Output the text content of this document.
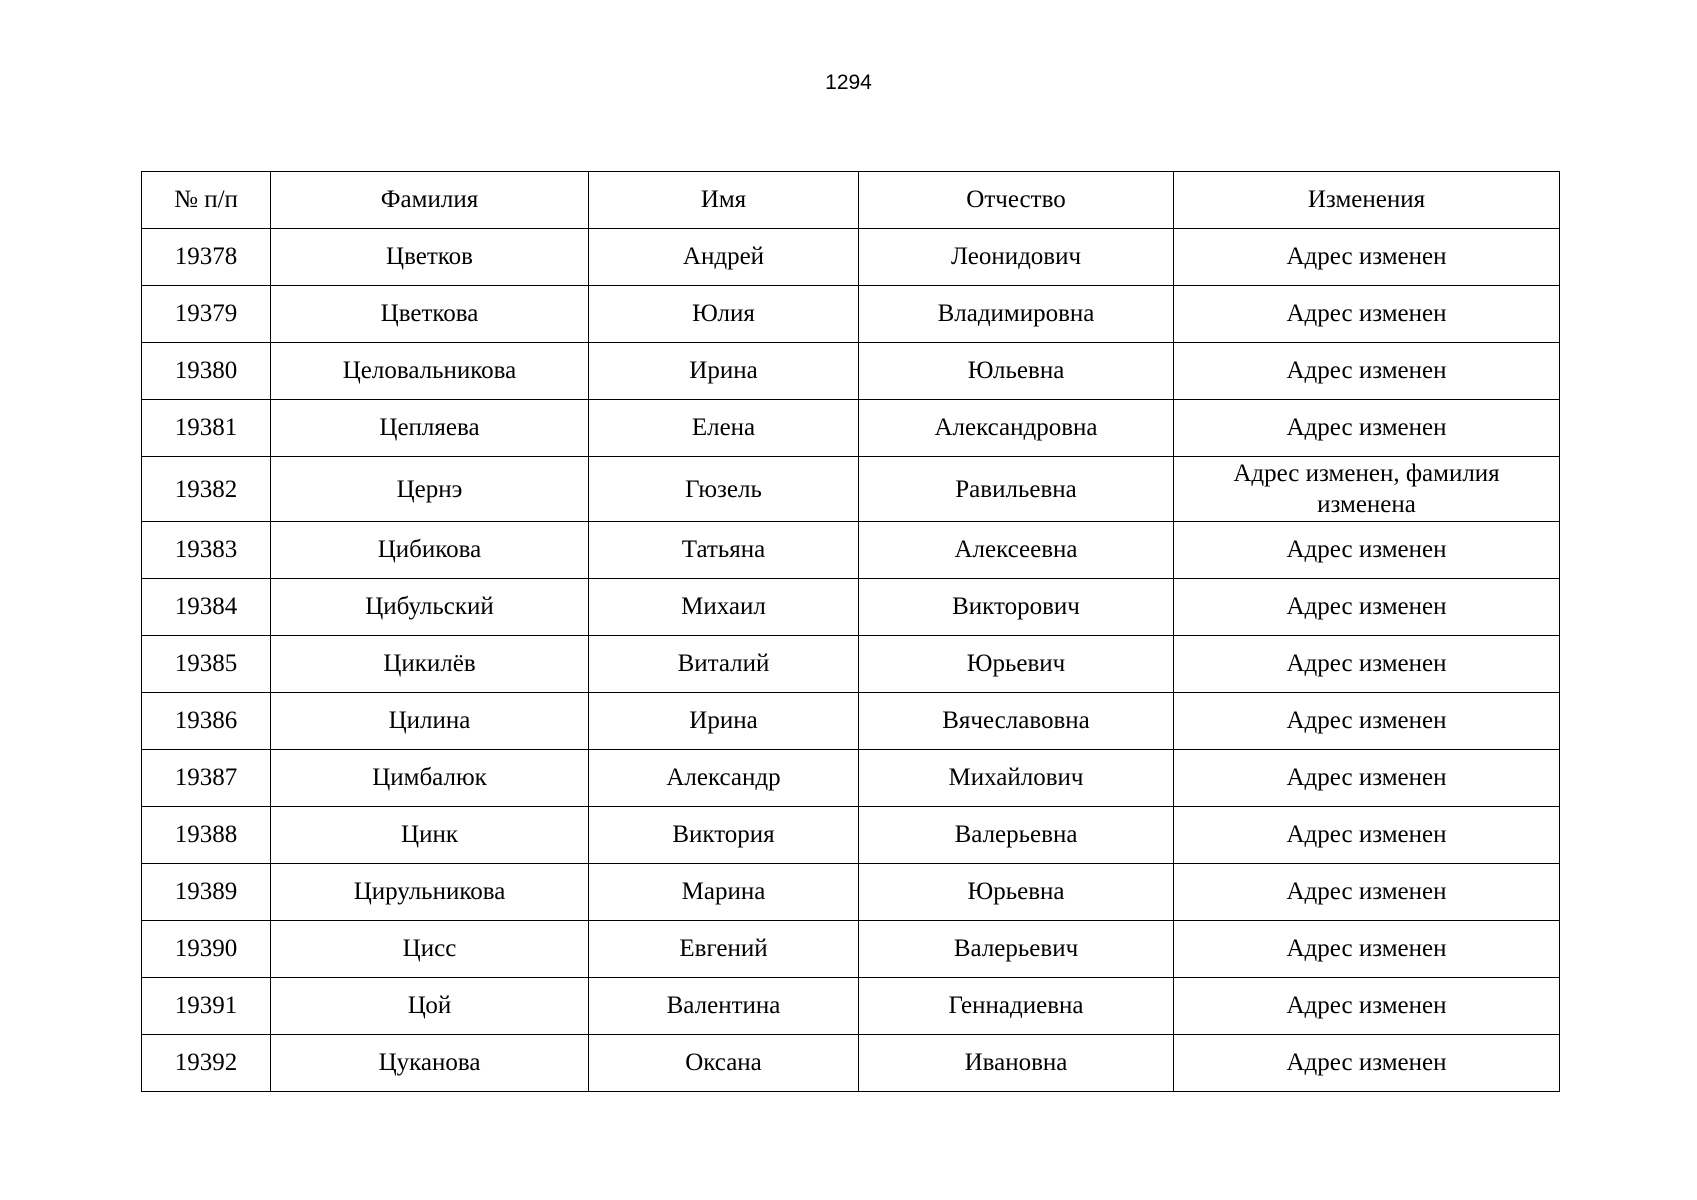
1294
№ п/п	Фамилия	Имя	Отчество	Изменения
19378	Цветков	Андрей	Леонидович	Адрес изменен
19379	Цветкова	Юлия	Владимировна	Адрес изменен
19380	Целовальникова	Ирина	Юльевна	Адрес изменен
19381	Цепляева	Елена	Александровна	Адрес изменен
19382	Цернэ	Гюзель	Равильевна	Адрес изменен, фамилия изменена
19383	Цибикова	Татьяна	Алексеевна	Адрес изменен
19384	Цибульский	Михаил	Викторович	Адрес изменен
19385	Цикилёв	Виталий	Юрьевич	Адрес изменен
19386	Цилина	Ирина	Вячеславовна	Адрес изменен
19387	Цимбалюк	Александр	Михайлович	Адрес изменен
19388	Цинк	Виктория	Валерьевна	Адрес изменен
19389	Цирульникова	Марина	Юрьевна	Адрес изменен
19390	Цисс	Евгений	Валерьевич	Адрес изменен
19391	Цой	Валентина	Геннадиевна	Адрес изменен
19392	Цуканова	Оксана	Ивановна	Адрес изменен
